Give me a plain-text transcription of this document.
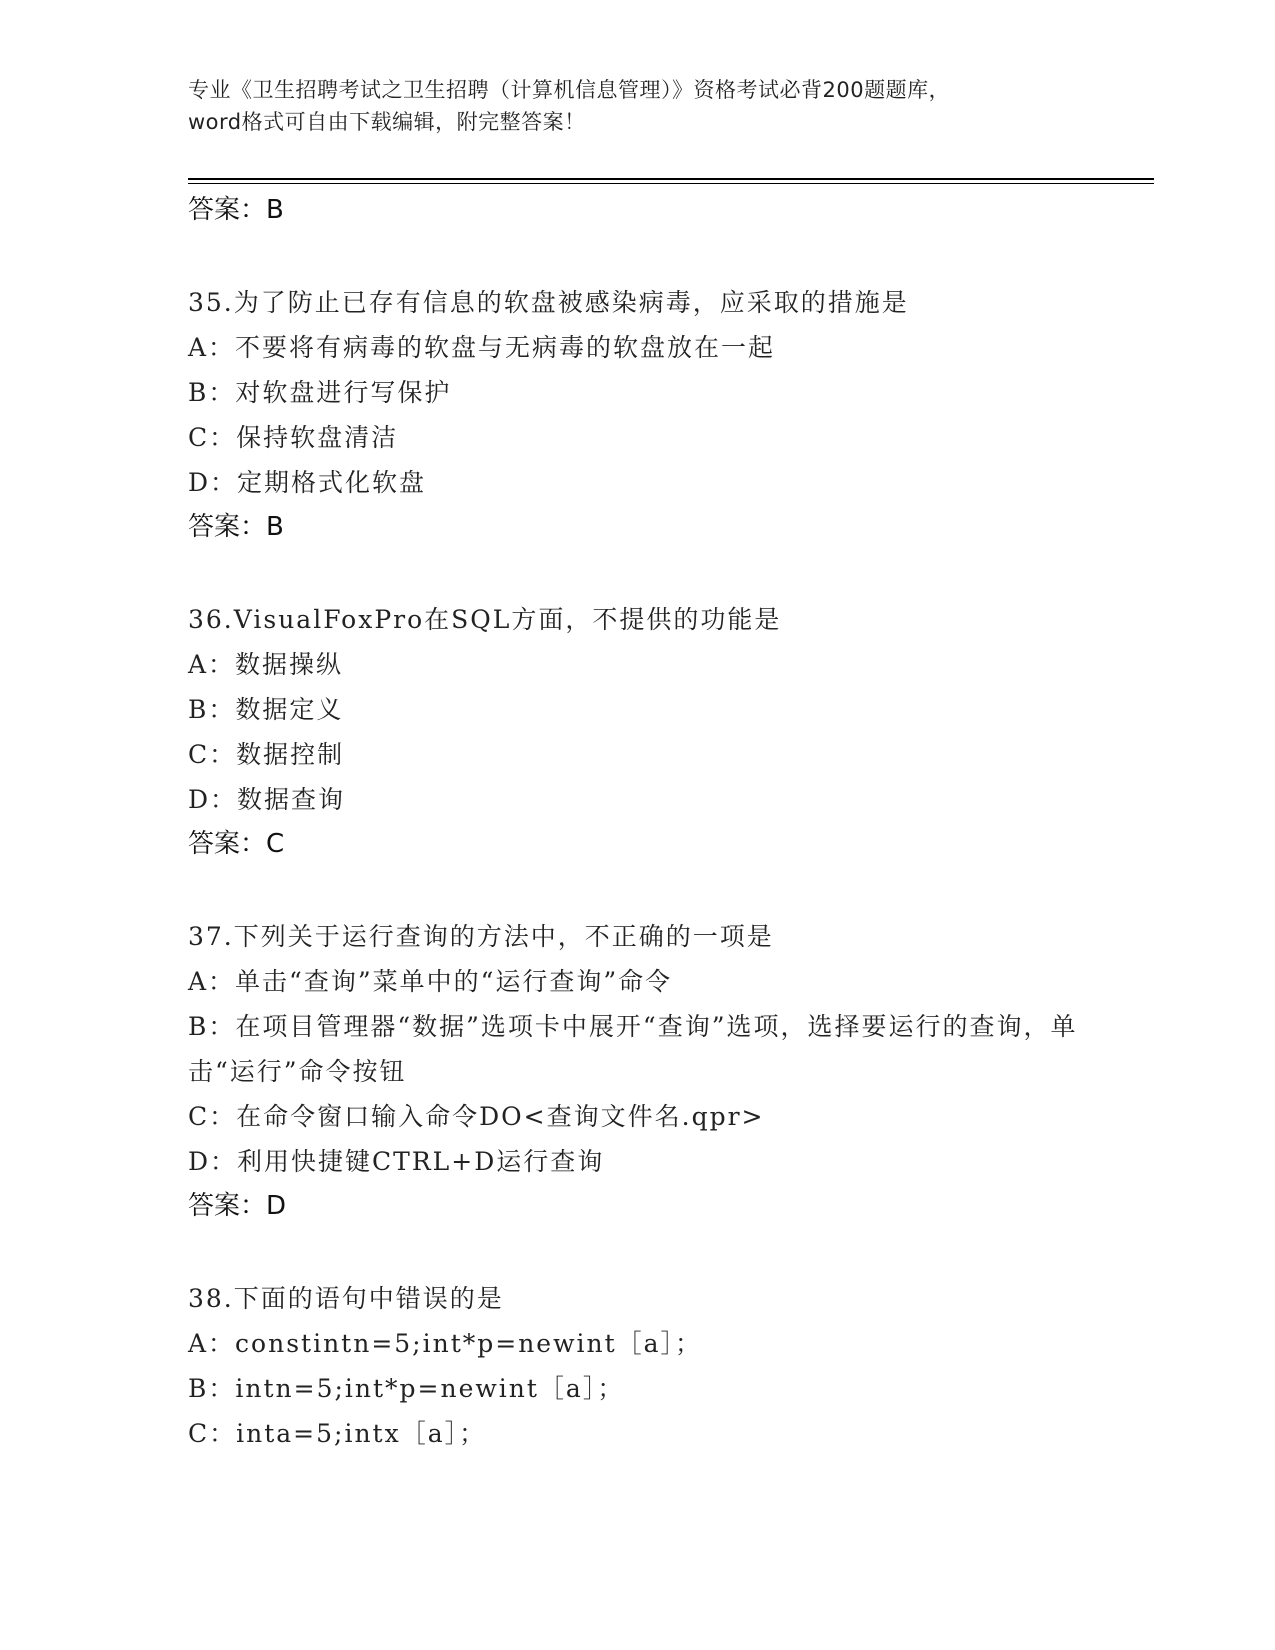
专业《卫生招聘考试之卫生招聘（计算机信息管理）》资格考试必背200题题库，
word格式可自由下载编辑，附完整答案！
答案：B
35.为了防止已存有信息的软盘被感染病毒，应采取的措施是
A：不要将有病毒的软盘与无病毒的软盘放在一起
B：对软盘进行写保护
C：保持软盘清洁
D：定期格式化软盘
答案：B
36.VisualFoxPro在SQL方面，不提供的功能是
A：数据操纵
B：数据定义
C：数据控制
D：数据查询
答案：C
37.下列关于运行查询的方法中，不正确的一项是
A：单击“查询”菜单中的“运行查询”命令
B：在项目管理器“数据”选项卡中展开“查询”选项，选择要运行的查询，单击“运行”命令按钮
C：在命令窗口输入命令DO<查询文件名.qpr>
D：利用快捷键CTRL+D运行查询
答案：D
38.下面的语句中错误的是
A：constintn=5;int*p=newint［a］；
B：intn=5;int*p=newint［a］；
C：inta=5;intx［a］；
